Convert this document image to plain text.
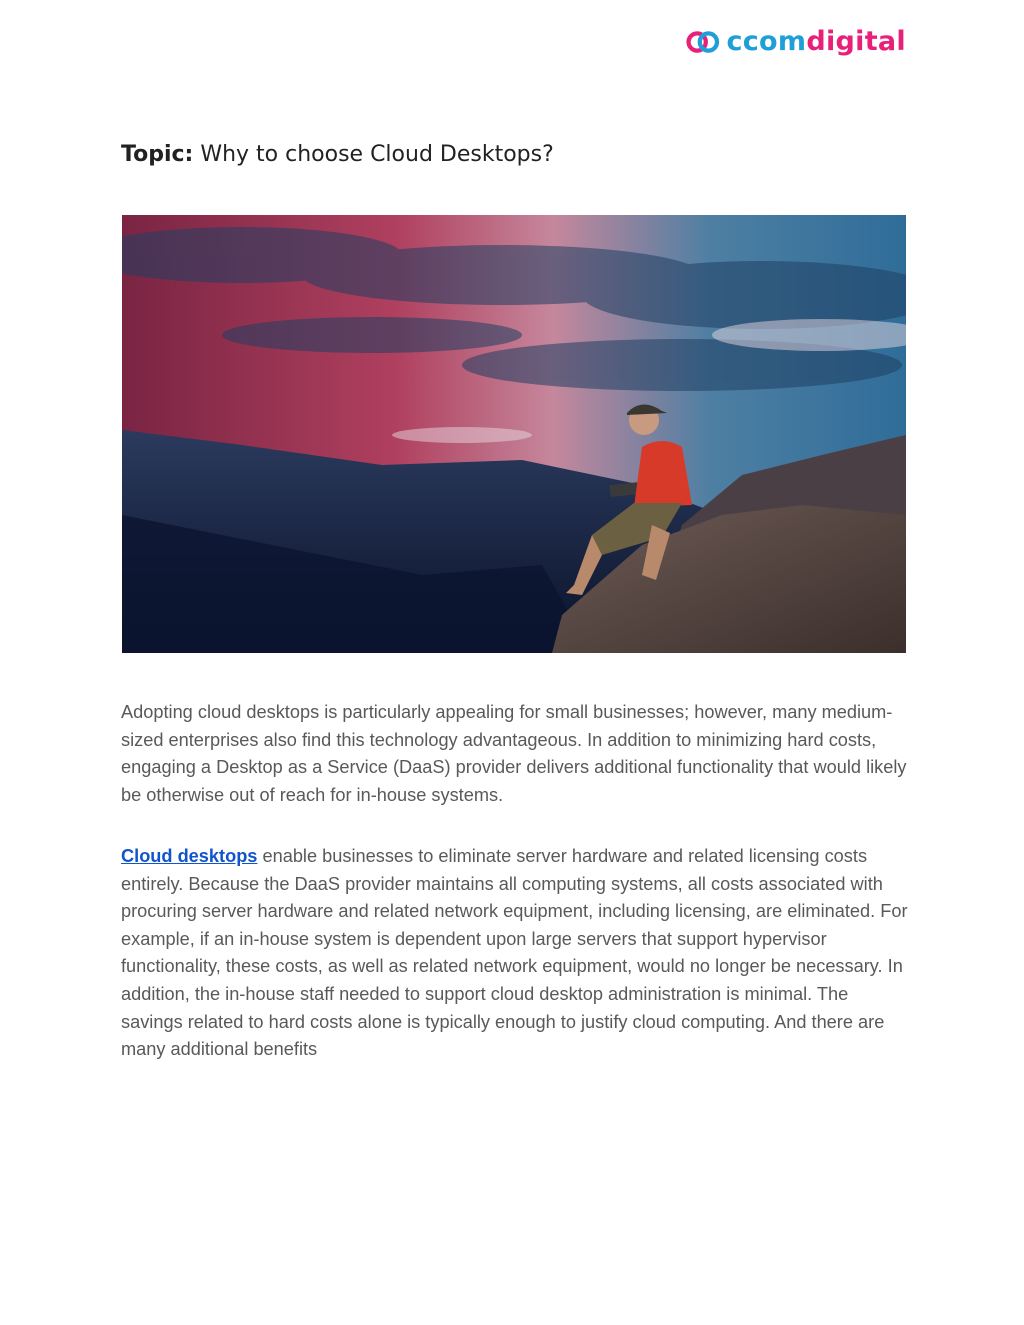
ccomdigital
Topic: Why to choose Cloud Desktops?

Adopting cloud desktops is particularly appealing for small businesses; however, many medium-sized enterprises also find this technology advantageous. In addition to minimizing hard costs, engaging a Desktop as a Service (DaaS) provider delivers additional functionality that would likely be otherwise out of reach for in-house systems.

Cloud desktops enable businesses to eliminate server hardware and related licensing costs entirely. Because the DaaS provider maintains all computing systems, all costs associated with procuring server hardware and related network equipment, including licensing, are eliminated. For example, if an in-house system is dependent upon large servers that support hypervisor functionality, these costs, as well as related network equipment, would no longer be necessary. In addition, the in-house staff needed to support cloud desktop administration is minimal. The savings related to hard costs alone is typically enough to justify cloud computing. And there are many additional benefits
